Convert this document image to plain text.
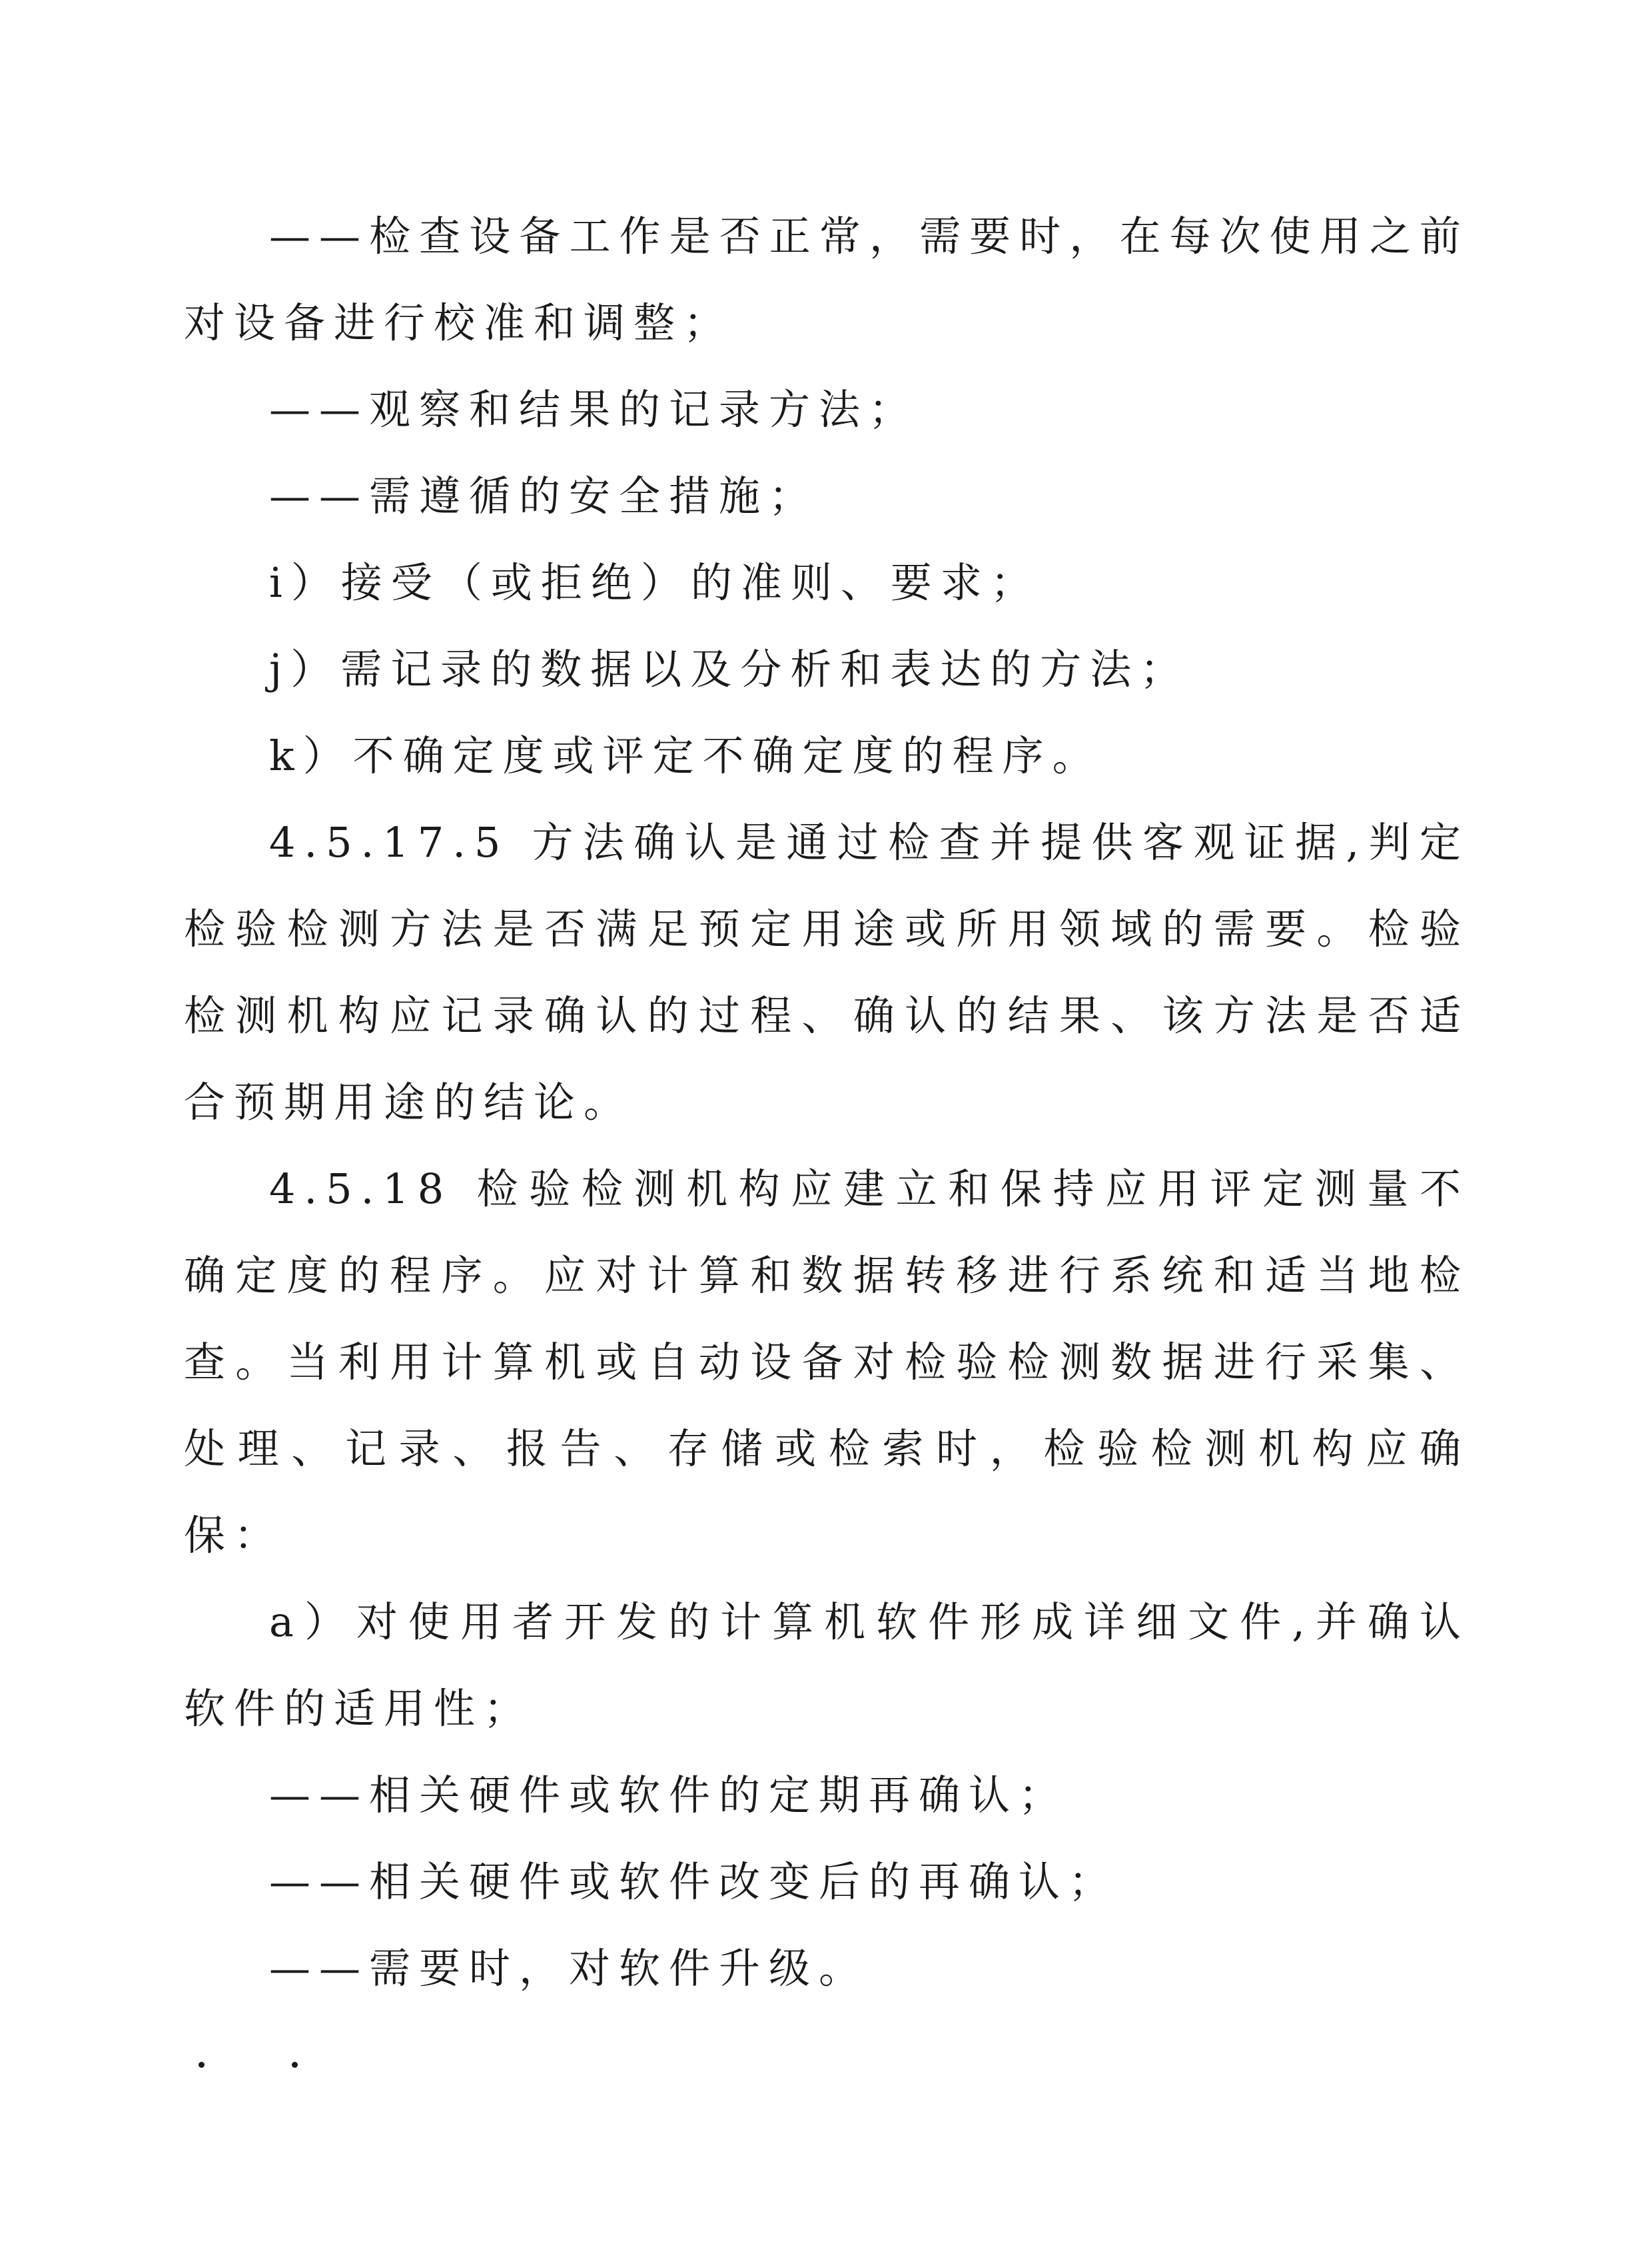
——检查设备工作是否正常，需要时，在每次使用之前对设备进行校准和调整；

——观察和结果的记录方法；

——需遵循的安全措施；

i）接受（或拒绝）的准则、要求；

j）需记录的数据以及分析和表达的方法；

k）不确定度或评定不确定度的程序。

4.5.17.5 方法确认是通过检查并提供客观证据,判定检验检测方法是否满足预定用途或所用领域的需要。检验检测机构应记录确认的过程、确认的结果、该方法是否适合预期用途的结论。

4.5.18 检验检测机构应建立和保持应用评定测量不确定度的程序。应对计算和数据转移进行系统和适当地检查。当利用计算机或自动设备对检验检测数据进行采集、处理、记录、报告、存储或检索时，检验检测机构应确保：

a）对使用者开发的计算机软件形成详细文件,并确认软件的适用性；

——相关硬件或软件的定期再确认；

——相关硬件或软件改变后的再确认；

——需要时，对软件升级。
